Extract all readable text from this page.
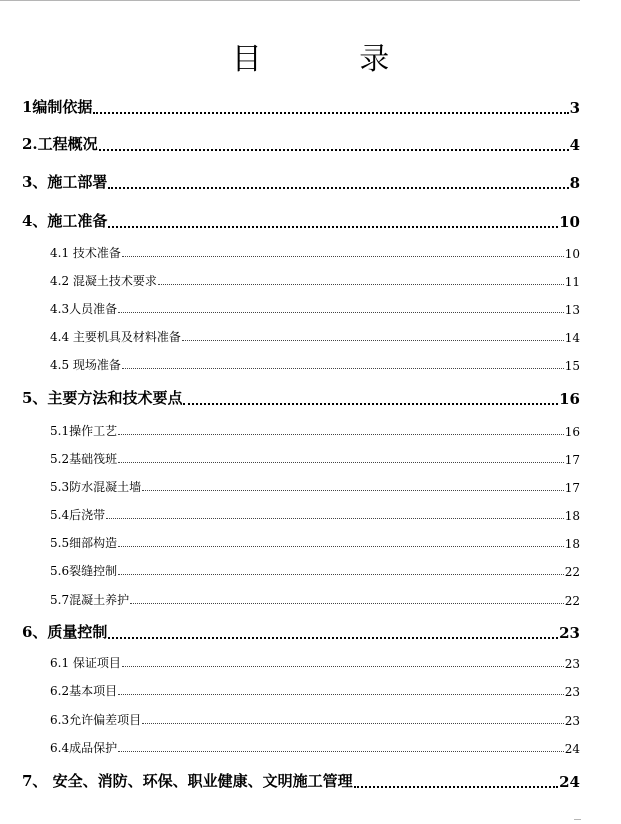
目 录
1编制依据	3
2.工程概况	4
3、施工部署	8
4、施工准备	10
4.1 技术准备	10
4.2 混凝土技术要求	11
4.3人员准备	13
4.4 主要机具及材料准备	14
4.5 现场准备	15
5、主要方法和技术要点	16
5.1操作工艺	16
5.2基础筏班	17
5.3防水混凝土墙	17
5.4后浇带	18
5.5细部构造	18
5.6裂缝控制	22
5.7混凝土养护	22
6、质量控制	23
6.1 保证项目	23
6.2基本项目	23
6.3允许偏差项目	23
6.4成品保护	24
7、 安全、消防、环保、职业健康、文明施工管理	24
